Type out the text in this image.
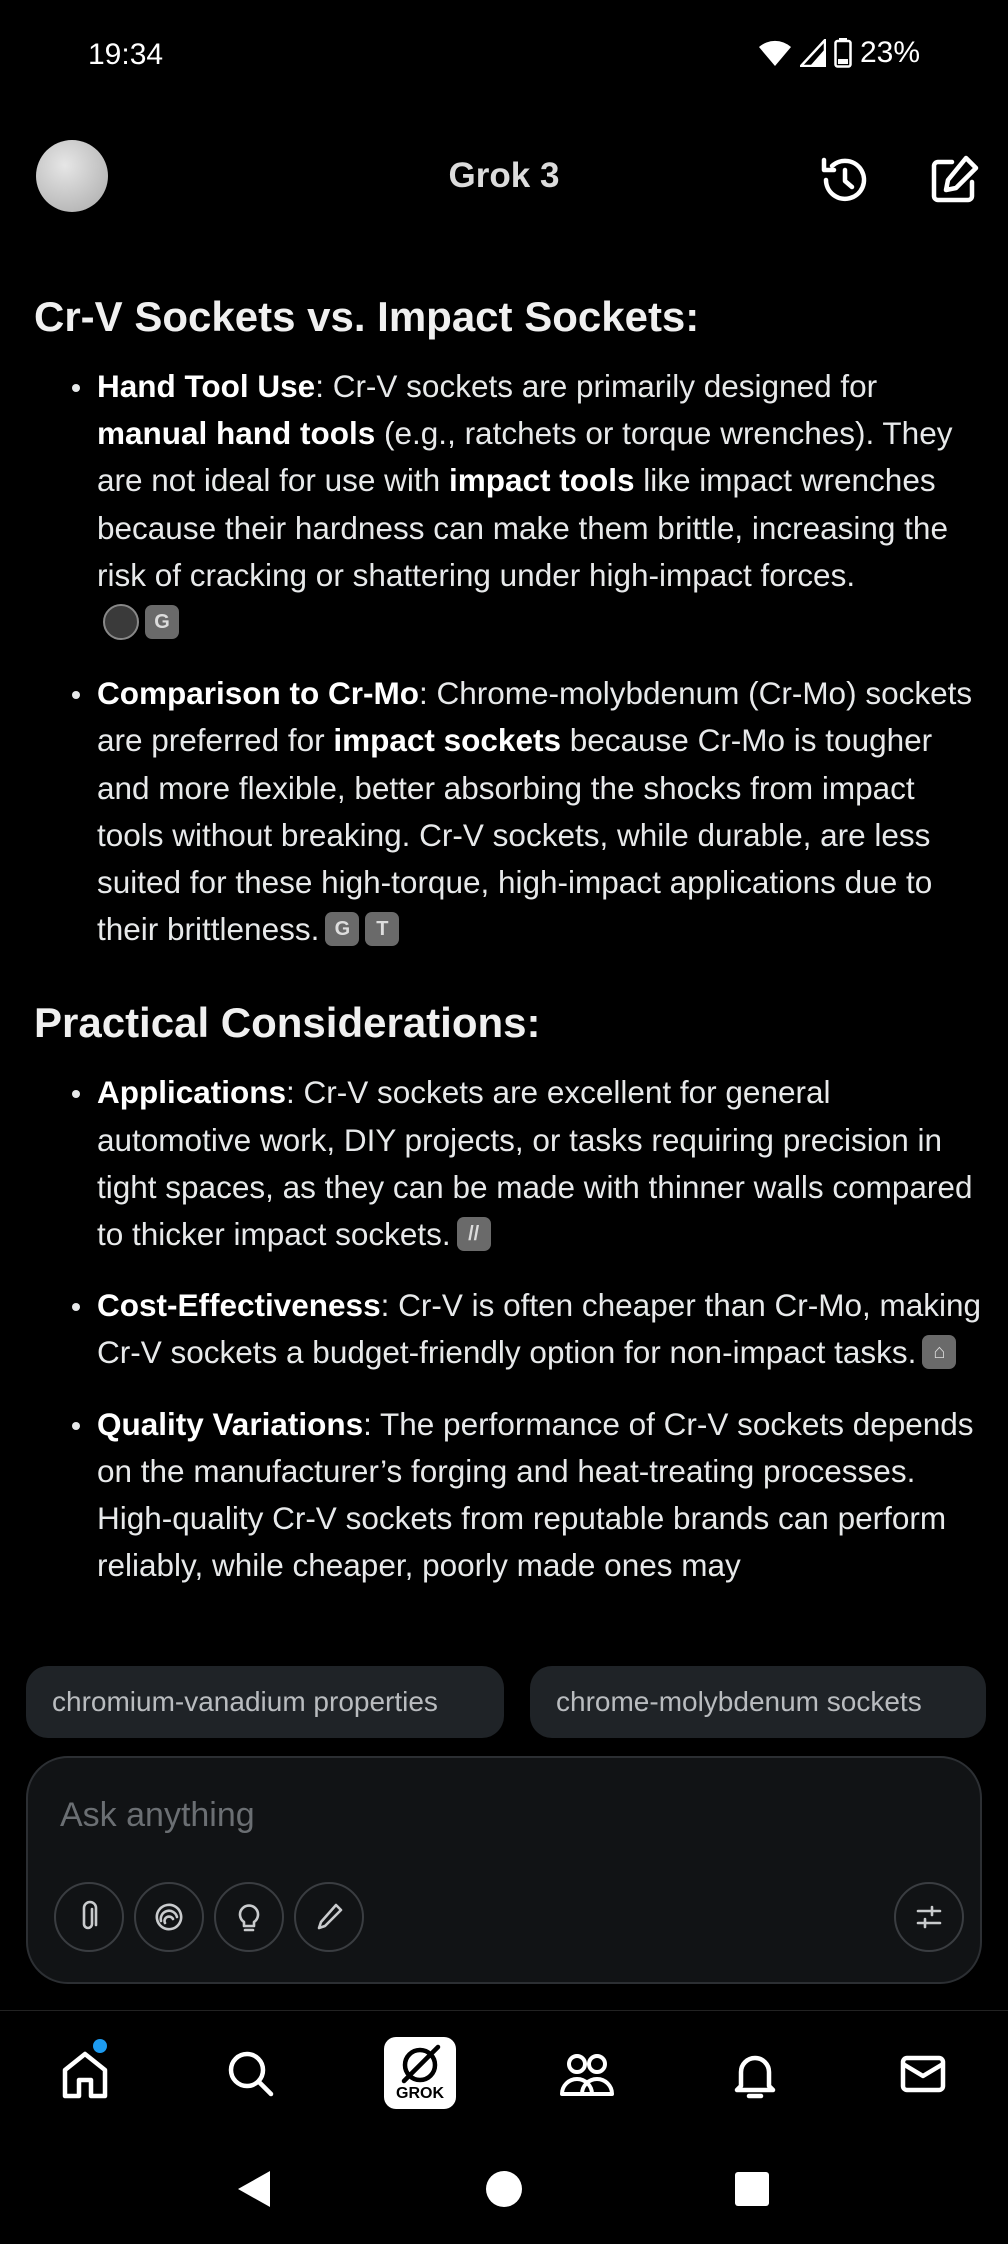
19:34	23%
Grok 3
Cr-V Sockets vs. Impact Sockets:
Hand Tool Use: Cr-V sockets are primarily designed for manual hand tools (e.g., ratchets or torque wrenches). They are not ideal for use with impact tools like impact wrenches because their hardness can make them brittle, increasing the risk of cracking or shattering under high-impact forces.

G
Comparison to Cr-Mo: Chrome-molybdenum (Cr-Mo) sockets are preferred for impact sockets because Cr-Mo is tougher and more flexible, better absorbing the shocks from impact tools without breaking. Cr-V sockets, while durable, are less suited for these high-torque, high-impact applications due to their brittleness. G	T
Practical Considerations:
Applications: Cr-V sockets are excellent for general automotive work, DIY projects, or tasks requiring precision in tight spaces, as they can be made with thinner walls compared to thicker impact sockets. //
Cost-Effectiveness: Cr-V is often cheaper than Cr-Mo, making Cr-V sockets a budget-friendly option for non-impact tasks. ⌂
Quality Variations: The performance of Cr-V sockets depends on the manufacturer’s forging and heat-treating processes. High-quality Cr-V sockets from reputable brands can perform reliably, while cheaper, poorly made ones may
chromium-vanadium properties	chrome-molybdenum sockets
Ask anything
GROK
